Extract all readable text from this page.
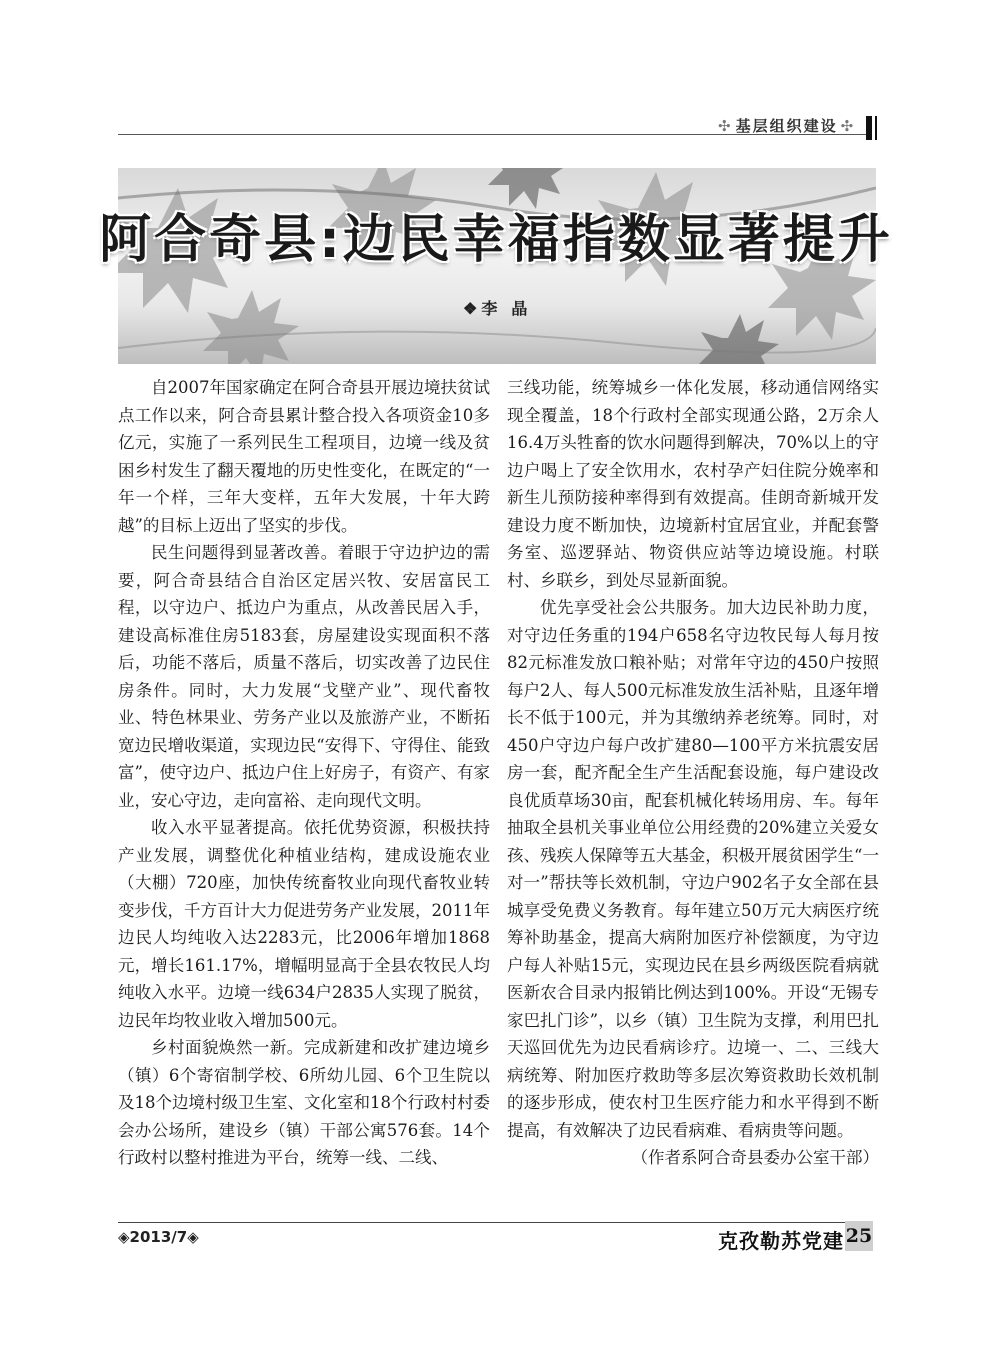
✣ 基层组织建设 ✣
阿合奇县:边民幸福指数显著提升
❖ 李晶

自2007年国家确定在阿合奇县开展边境扶贫试点工作以来，阿合奇县累计整合投入各项资金10多亿元，实施了一系列民生工程项目，边境一线及贫困乡村发生了翻天覆地的历史性变化，在既定的“一年一个样，三年大变样，五年大发展，十年大跨越”的目标上迈出了坚实的步伐。

民生问题得到显著改善。着眼于守边护边的需要，阿合奇县结合自治区定居兴牧、安居富民工程，以守边户、抵边户为重点，从改善民居入手，建设高标准住房5183套，房屋建设实现面积不落后，功能不落后，质量不落后，切实改善了边民住房条件。同时，大力发展“戈壁产业”、现代畜牧业、特色林果业、劳务产业以及旅游产业，不断拓宽边民增收渠道，实现边民“安得下、守得住、能致富”，使守边户、抵边户住上好房子，有资产、有家业，安心守边，走向富裕、走向现代文明。

收入水平显著提高。依托优势资源，积极扶持产业发展，调整优化种植业结构，建成设施农业（大棚）720座，加快传统畜牧业向现代畜牧业转变步伐，千方百计大力促进劳务产业发展，2011年边民人均纯收入达2283元，比2006年增加1868元，增长161.17%，增幅明显高于全县农牧民人均纯收入水平。边境一线634户2835人实现了脱贫，边民年均牧业收入增加500元。

乡村面貌焕然一新。完成新建和改扩建边境乡（镇）6个寄宿制学校、6所幼儿园、6个卫生院以及18个边境村级卫生室、文化室和18个行政村村委会办公场所，建设乡（镇）干部公寓576套。14个行政村以整村推进为平台，统筹一线、二线、

三线功能，统筹城乡一体化发展，移动通信网络实现全覆盖，18个行政村全部实现通公路，2万余人16.4万头牲畜的饮水问题得到解决，70%以上的守边户喝上了安全饮用水，农村孕产妇住院分娩率和新生儿预防接种率得到有效提高。佳朗奇新城开发建设力度不断加快，边境新村宜居宜业，并配套警务室、巡逻驿站、物资供应站等边境设施。村联村、乡联乡，到处尽显新面貌。

优先享受社会公共服务。加大边民补助力度，对守边任务重的194户658名守边牧民每人每月按82元标准发放口粮补贴；对常年守边的450户按照每户2人、每人500元标准发放生活补贴，且逐年增长不低于100元，并为其缴纳养老统筹。同时，对450户守边户每户改扩建80—100平方米抗震安居房一套，配齐配全生产生活配套设施，每户建设改良优质草场30亩，配套机械化转场用房、车。每年抽取全县机关事业单位公用经费的20%建立关爱女孩、残疾人保障等五大基金，积极开展贫困学生“一对一”帮扶等长效机制，守边户902名子女全部在县城享受免费义务教育。每年建立50万元大病医疗统筹补助基金，提高大病附加医疗补偿额度，为守边户每人补贴15元，实现边民在县乡两级医院看病就医新农合目录内报销比例达到100%。开设“无锡专家巴扎门诊”，以乡（镇）卫生院为支撑，利用巴扎天巡回优先为边民看病诊疗。边境一、二、三线大病统筹、附加医疗救助等多层次筹资救助长效机制的逐步形成，使农村卫生医疗能力和水平得到不断提高，有效解决了边民看病难、看病贵等问题。
（作者系阿合奇县委办公室干部）

◈2013/7◈	克孜勒苏党建 25
